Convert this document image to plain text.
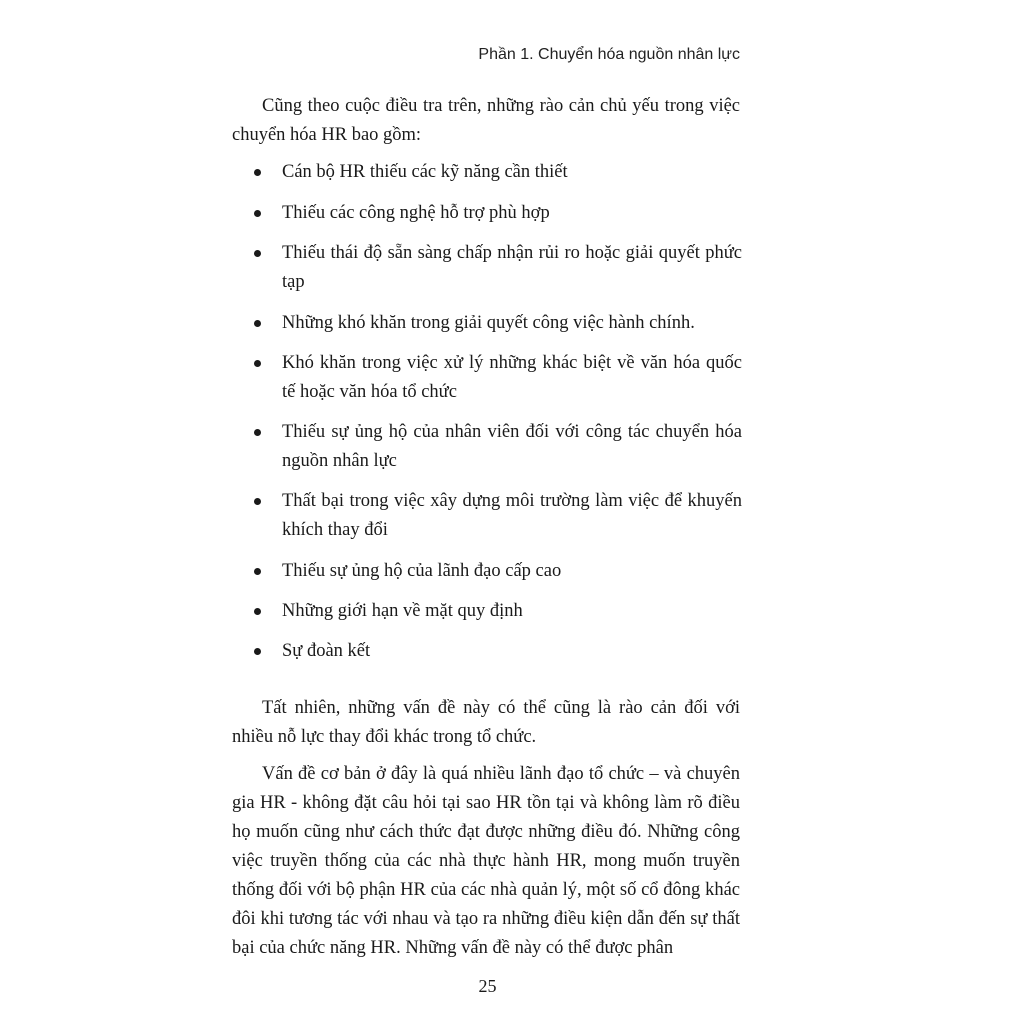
Phần 1. Chuyển hóa nguồn nhân lực

Cũng theo cuộc điều tra trên, những rào cản chủ yếu trong việc chuyển hóa HR bao gồm:

Cán bộ HR thiếu các kỹ năng cần thiết
Thiếu các công nghệ hỗ trợ phù hợp
Thiếu thái độ sẵn sàng chấp nhận rủi ro hoặc giải quyết phức tạp
Những khó khăn trong giải quyết công việc hành chính.
Khó khăn trong việc xử lý những khác biệt về văn hóa quốc tế hoặc văn hóa tổ chức
Thiếu sự ủng hộ của nhân viên đối với công tác chuyển hóa nguồn nhân lực
Thất bại trong việc xây dựng môi trường làm việc để khuyến khích thay đổi
Thiếu sự ủng hộ của lãnh đạo cấp cao
Những giới hạn về mặt quy định
Sự đoàn kết

Tất nhiên, những vấn đề này có thể cũng là rào cản đối với nhiều nỗ lực thay đổi khác trong tổ chức.

Vấn đề cơ bản ở đây là quá nhiều lãnh đạo tổ chức – và chuyên gia HR - không đặt câu hỏi tại sao HR tồn tại và không làm rõ điều họ muốn cũng như cách thức đạt được những điều đó. Những công việc truyền thống của các nhà thực hành HR, mong muốn truyền thống đối với bộ phận HR của các nhà quản lý, một số cổ đông khác đôi khi tương tác với nhau và tạo ra những điều kiện dẫn đến sự thất bại của chức năng HR. Những vấn đề này có thể được phân

25
